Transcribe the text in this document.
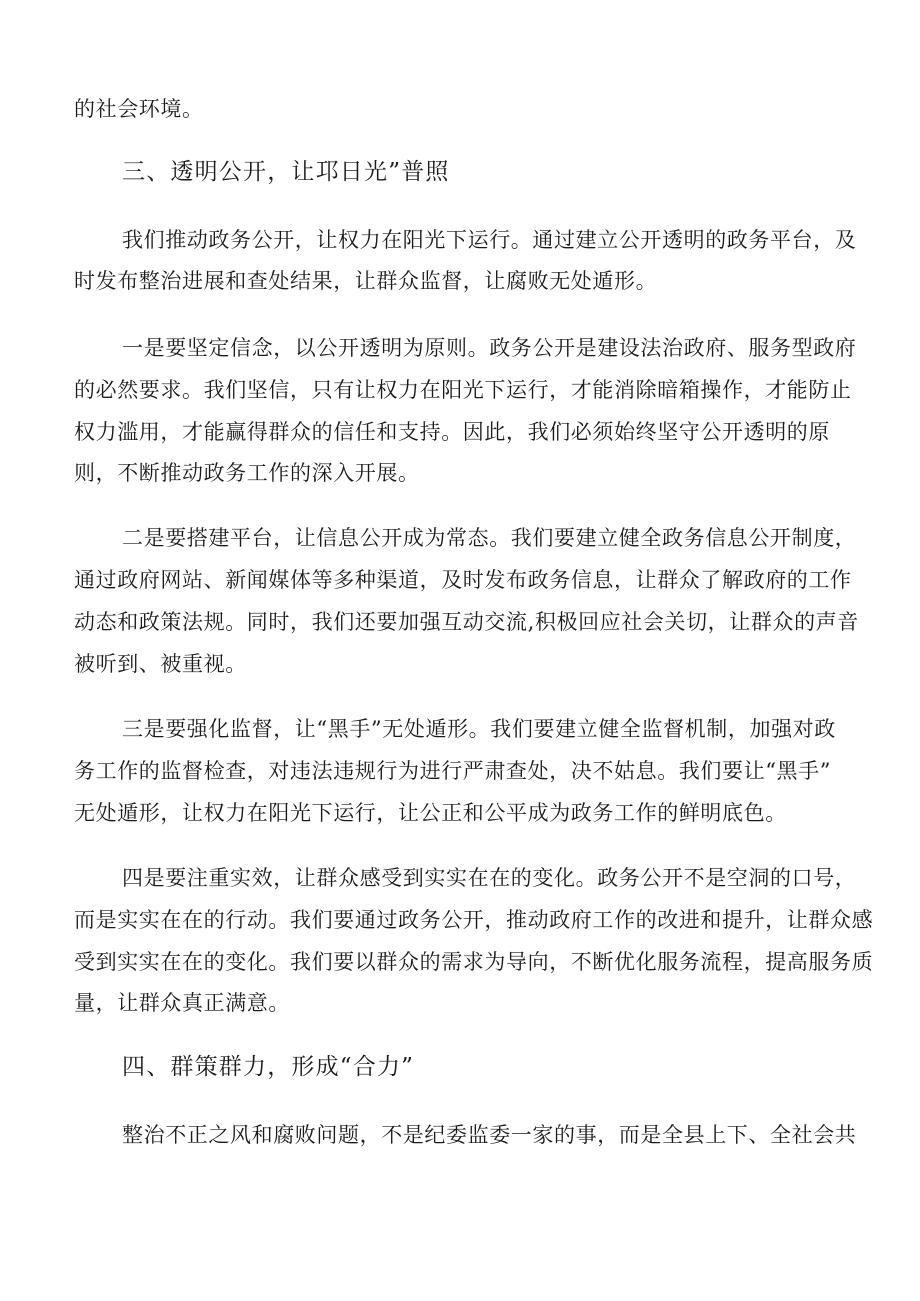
的社会环境。
三、透明公开，让邛日光”普照
我们推动政务公开，让权力在阳光下运行。通过建立公开透明的政务平台，及
时发布整治进展和查处结果，让群众监督，让腐败无处遁形。
一是要坚定信念，以公开透明为原则。政务公开是建设法治政府、服务型政府
的必然要求。我们坚信，只有让权力在阳光下运行，才能消除暗箱操作，才能防止
权力滥用，才能赢得群众的信任和支持。因此，我们必须始终坚守公开透明的原
则，不断推动政务工作的深入开展。
二是要搭建平台，让信息公开成为常态。我们要建立健全政务信息公开制度，
通过政府网站、新闻媒体等多种渠道，及时发布政务信息，让群众了解政府的工作
动态和政策法规。同时，我们还要加强互动交流,积极回应社会关切，让群众的声音
被听到、被重视。
三是要强化监督，让“黑手”无处遁形。我们要建立健全监督机制，加强对政
务工作的监督检查，对违法违规行为进行严肃查处，决不姑息。我们要让“黑手”
无处遁形，让权力在阳光下运行，让公正和公平成为政务工作的鲜明底色。
四是要注重实效，让群众感受到实实在在的变化。政务公开不是空洞的口号，
而是实实在在的行动。我们要通过政务公开，推动政府工作的改进和提升，让群众感
受到实实在在的变化。我们要以群众的需求为导向，不断优化服务流程，提高服务质
量，让群众真正满意。
四、群策群力，形成“合力”
整治不正之风和腐败问题，不是纪委监委一家的事，而是全县上下、全社会共
